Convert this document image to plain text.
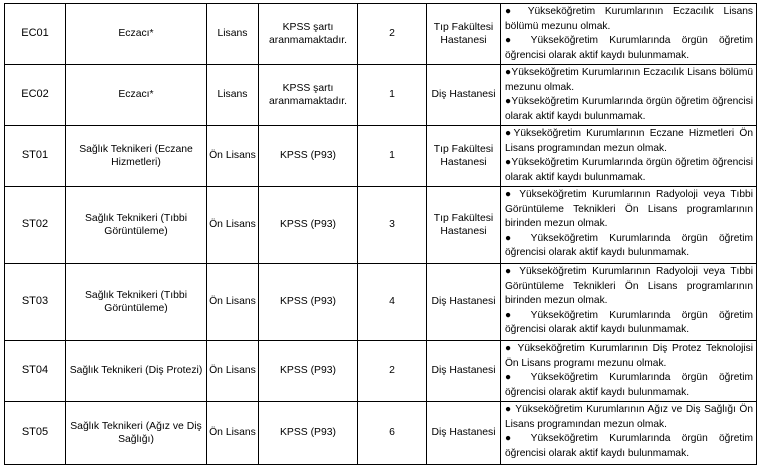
EC01	Eczacı*	Lisans	KPSS şartı aranmamaktadır.	2	Tıp Fakültesi Hastanesi	● Yükseköğretim Kurumlarının Eczacılık Lisans bölümü mezunu olmak.
● Yükseköğretim Kurumlarında örgün öğretim öğrencisi olarak aktif kaydı bulunmamak.

EC02	Eczacı*	Lisans	KPSS şartı aranmamaktadır.	1	Diş Hastanesi	●Yükseköğretim Kurumlarının Eczacılık Lisans bölümü mezunu olmak.
●Yükseköğretim Kurumlarında örgün öğretim öğrencisi olarak aktif kaydı bulunmamak.

ST01	Sağlık Teknikeri (Eczane Hizmetleri)	Ön Lisans	KPSS (P93)	1	Tıp Fakültesi Hastanesi	●Yükseköğretim Kurumlarının Eczane Hizmetleri Ön Lisans programından mezun olmak.
●Yükseköğretim Kurumlarında örgün öğretim öğrencisi olarak aktif kaydı bulunmamak.

ST02	Sağlık Teknikeri (Tıbbi Görüntüleme)	Ön Lisans	KPSS (P93)	3	Tıp Fakültesi Hastanesi	● Yükseköğretim Kurumlarının Radyoloji veya Tıbbi Görüntüleme Teknikleri Ön Lisans programlarının birinden mezun olmak.
● Yükseköğretim Kurumlarında örgün öğretim öğrencisi olarak aktif kaydı bulunmamak.

ST03	Sağlık Teknikeri (Tıbbi Görüntüleme)	Ön Lisans	KPSS (P93)	4	Diş Hastanesi	● Yükseköğretim Kurumlarının Radyoloji veya Tıbbi Görüntüleme Teknikleri Ön Lisans programlarının birinden mezun olmak.
● Yükseköğretim Kurumlarında örgün öğretim öğrencisi olarak aktif kaydı bulunmamak.

ST04	Sağlık Teknikeri (Diş Protezi)	Ön Lisans	KPSS (P93)	2	Diş Hastanesi	● Yükseköğretim Kurumlarının Diş Protez Teknolojisi Ön Lisans programı mezunu olmak.
● Yükseköğretim Kurumlarında örgün öğretim öğrencisi olarak aktif kaydı bulunmamak.

ST05	Sağlık Teknikeri (Ağız ve Diş Sağlığı)	Ön Lisans	KPSS (P93)	6	Diş Hastanesi	● Yükseköğretim Kurumlarının Ağız ve Diş Sağlığı Ön Lisans programından mezun olmak.
● Yükseköğretim Kurumlarında örgün öğretim öğrencisi olarak aktif kaydı bulunmamak.
